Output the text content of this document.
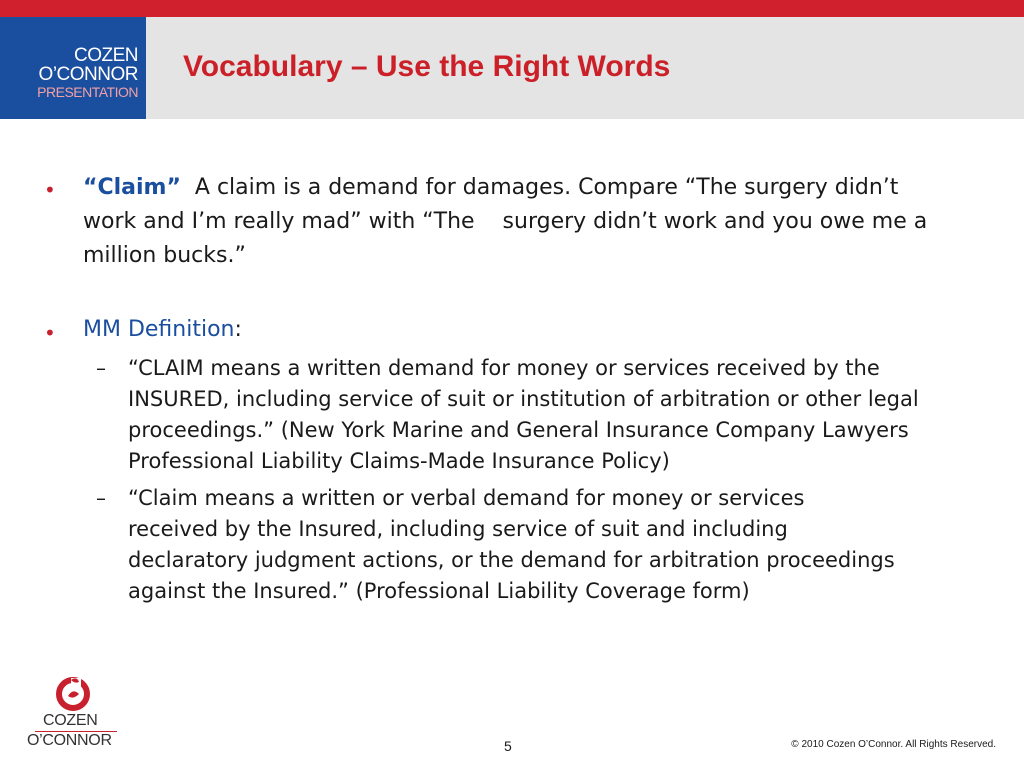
COZEN
O’CONNOR
PRESENTATION
Vocabulary – Use the Right Words
• “Claim”  A claim is a demand for damages. Compare “The surgery didn’t work and I’m really mad” with “The    surgery didn’t work and you owe me a million bucks.”

• MM Definition:

– “CLAIM means a written demand for money or services received by the INSURED, including service of suit or institution of arbitration or other legal proceedings.” (New York Marine and General Insurance Company Lawyers Professional Liability Claims-Made Insurance Policy)

– “Claim means a written or verbal demand for money or services received by the Insured, including service of suit and including declaratory judgment actions, or the demand for arbitration proceedings against the Insured.” (Professional Liability Coverage form)

COZEN
O’CONNOR	5	© 2010 Cozen O’Connor. All Rights Reserved.
